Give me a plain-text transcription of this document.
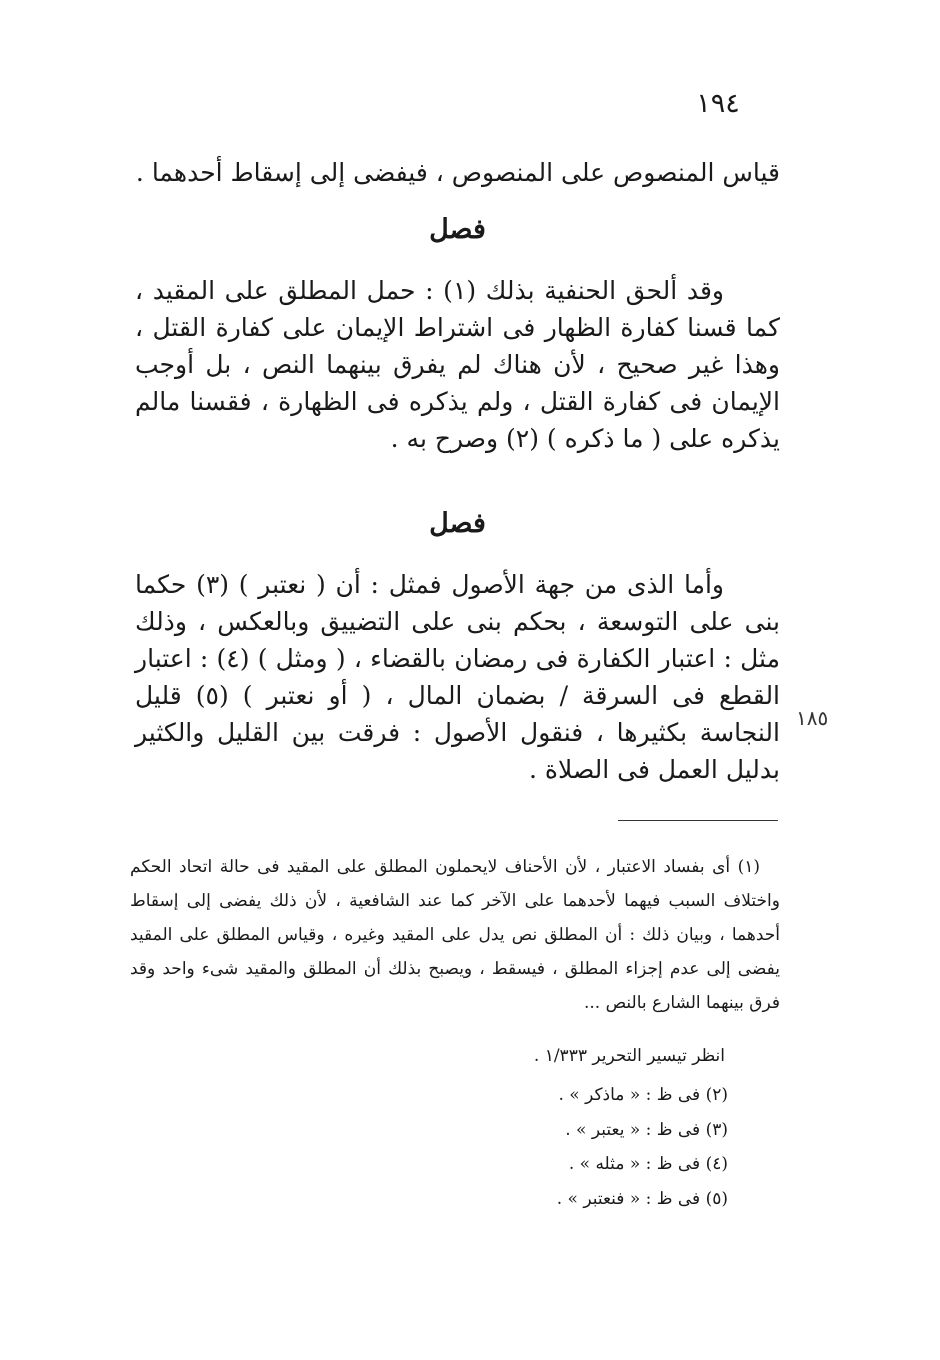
١٩٤

قياس المنصوص على المنصوص ، فيفضى إلى إسقاط أحدهما .

فصل

وقد ألحق الحنفية بذلك (١) : حمل المطلق على المقيد ، كما قسنا كفارة الظهار فى اشتراط الإيمان على كفارة القتل ، وهذا غير صحيح ، لأن هناك لم يفرق بينهما النص ، بل أوجب الإيمان فى كفارة القتل ، ولم يذكره فى الظهارة ، فقسنا مالم يذكره على ( ما ذكره ) (٢) وصرح به .

فصل

وأما الذى من جهة الأصول فمثل : أن ( نعتبر ) (٣) حكما بنى على التوسعة ، بحكم بنى على التضييق وبالعكس ، وذلك مثل : اعتبار الكفارة فى رمضان بالقضاء ، ( ومثل ) (٤) : اعتبار القطع فى السرقة / بضمان المال ، ( أو نعتبر ) (٥) قليل النجاسة بكثيرها ، فنقول الأصول : فرقت بين القليل والكثير بدليل العمل فى الصلاة .

١٨٥

(١) أى بفساد الاعتبار ، لأن الأحناف لايحملون المطلق على المقيد فى حالة اتحاد الحكم واختلاف السبب فيهما لأحدهما على الآخر كما عند الشافعية ، لأن ذلك يفضى إلى إسقاط أحدهما ، وبيان ذلك : أن المطلق نص يدل على المقيد وغيره ، وقياس المطلق على المقيد يفضى إلى عدم إجزاء المطلق ، فيسقط ، ويصبح بذلك أن المطلق والمقيد شىء واحد وقد فرق بينهما الشارع بالنص ...

انظر تيسير التحرير ١/٣٣٣ .

(٢) فى ظ : « ماذكر » .
(٣) فى ظ : « يعتبر » .
(٤) فى ظ : « مثله » .
(٥) فى ظ : « فنعتبر » .
